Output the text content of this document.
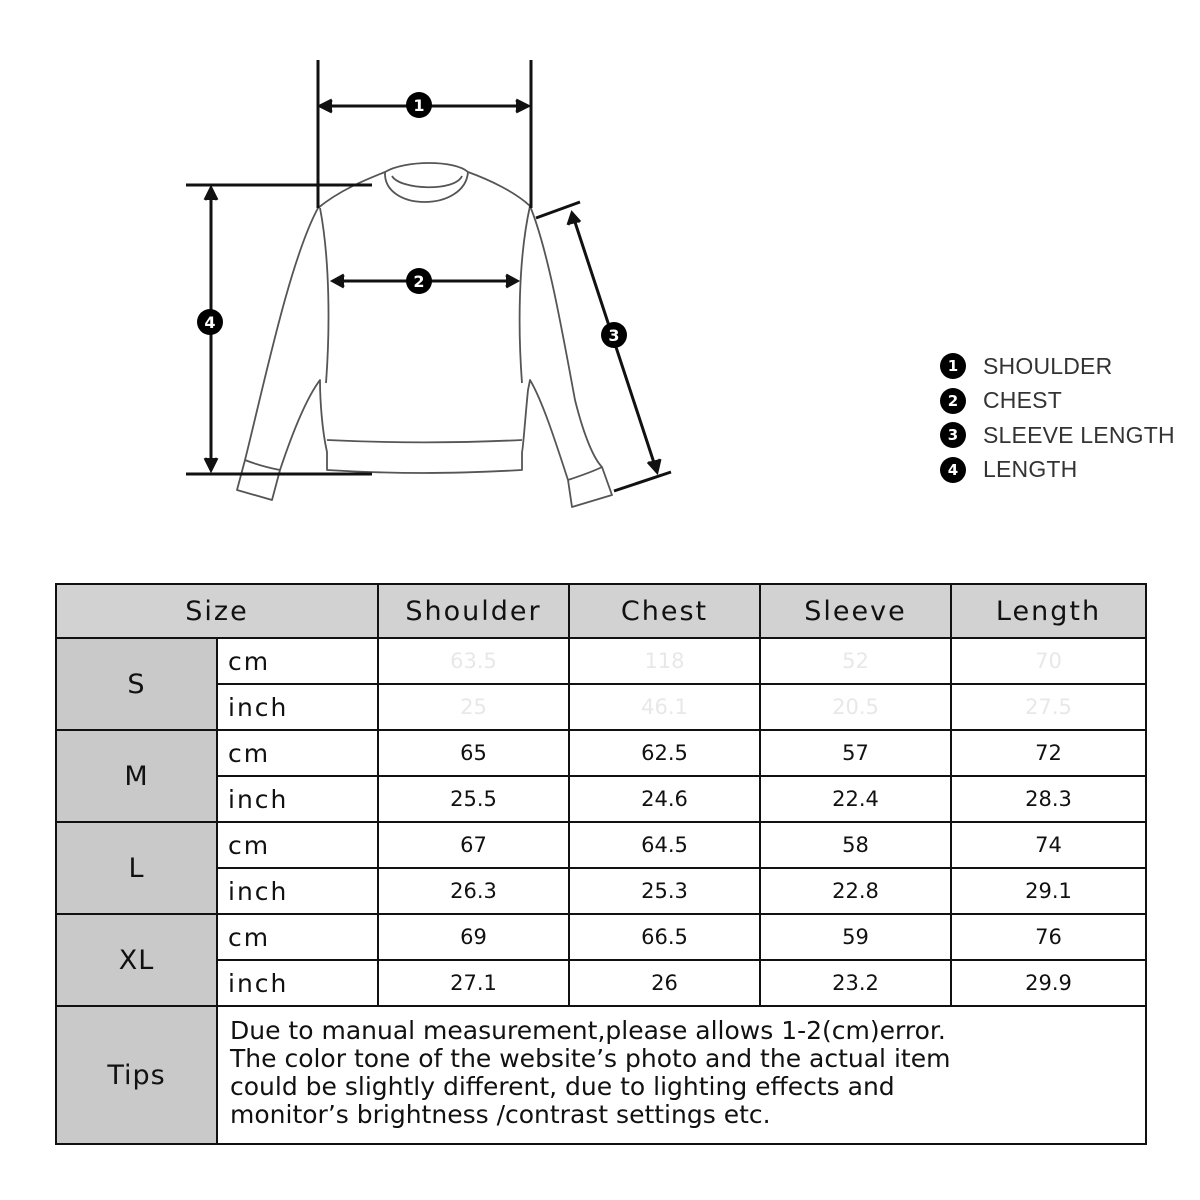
1
2
3
4
1	SHOULDER
2	CHEST
3	SLEEVE LENGTH
4	LENGTH
Size		Shoulder	Chest	Sleeve	Length
S	cm	63.5	118	52	70
	inch	25	46.1	20.5	27.5
M	cm	65	62.5	57	72
	inch	25.5	24.6	22.4	28.3
L	cm	67	64.5	58	74
	inch	26.3	25.3	22.8	29.1
XL	cm	69	66.5	59	76
	inch	27.1	26	23.2	29.9
Tips	Due to manual measurement,please allows 1-2(cm)error.
The color tone of the website’s photo and the actual item
could be slightly different, due to lighting effects and
monitor’s brightness /contrast settings etc.				
